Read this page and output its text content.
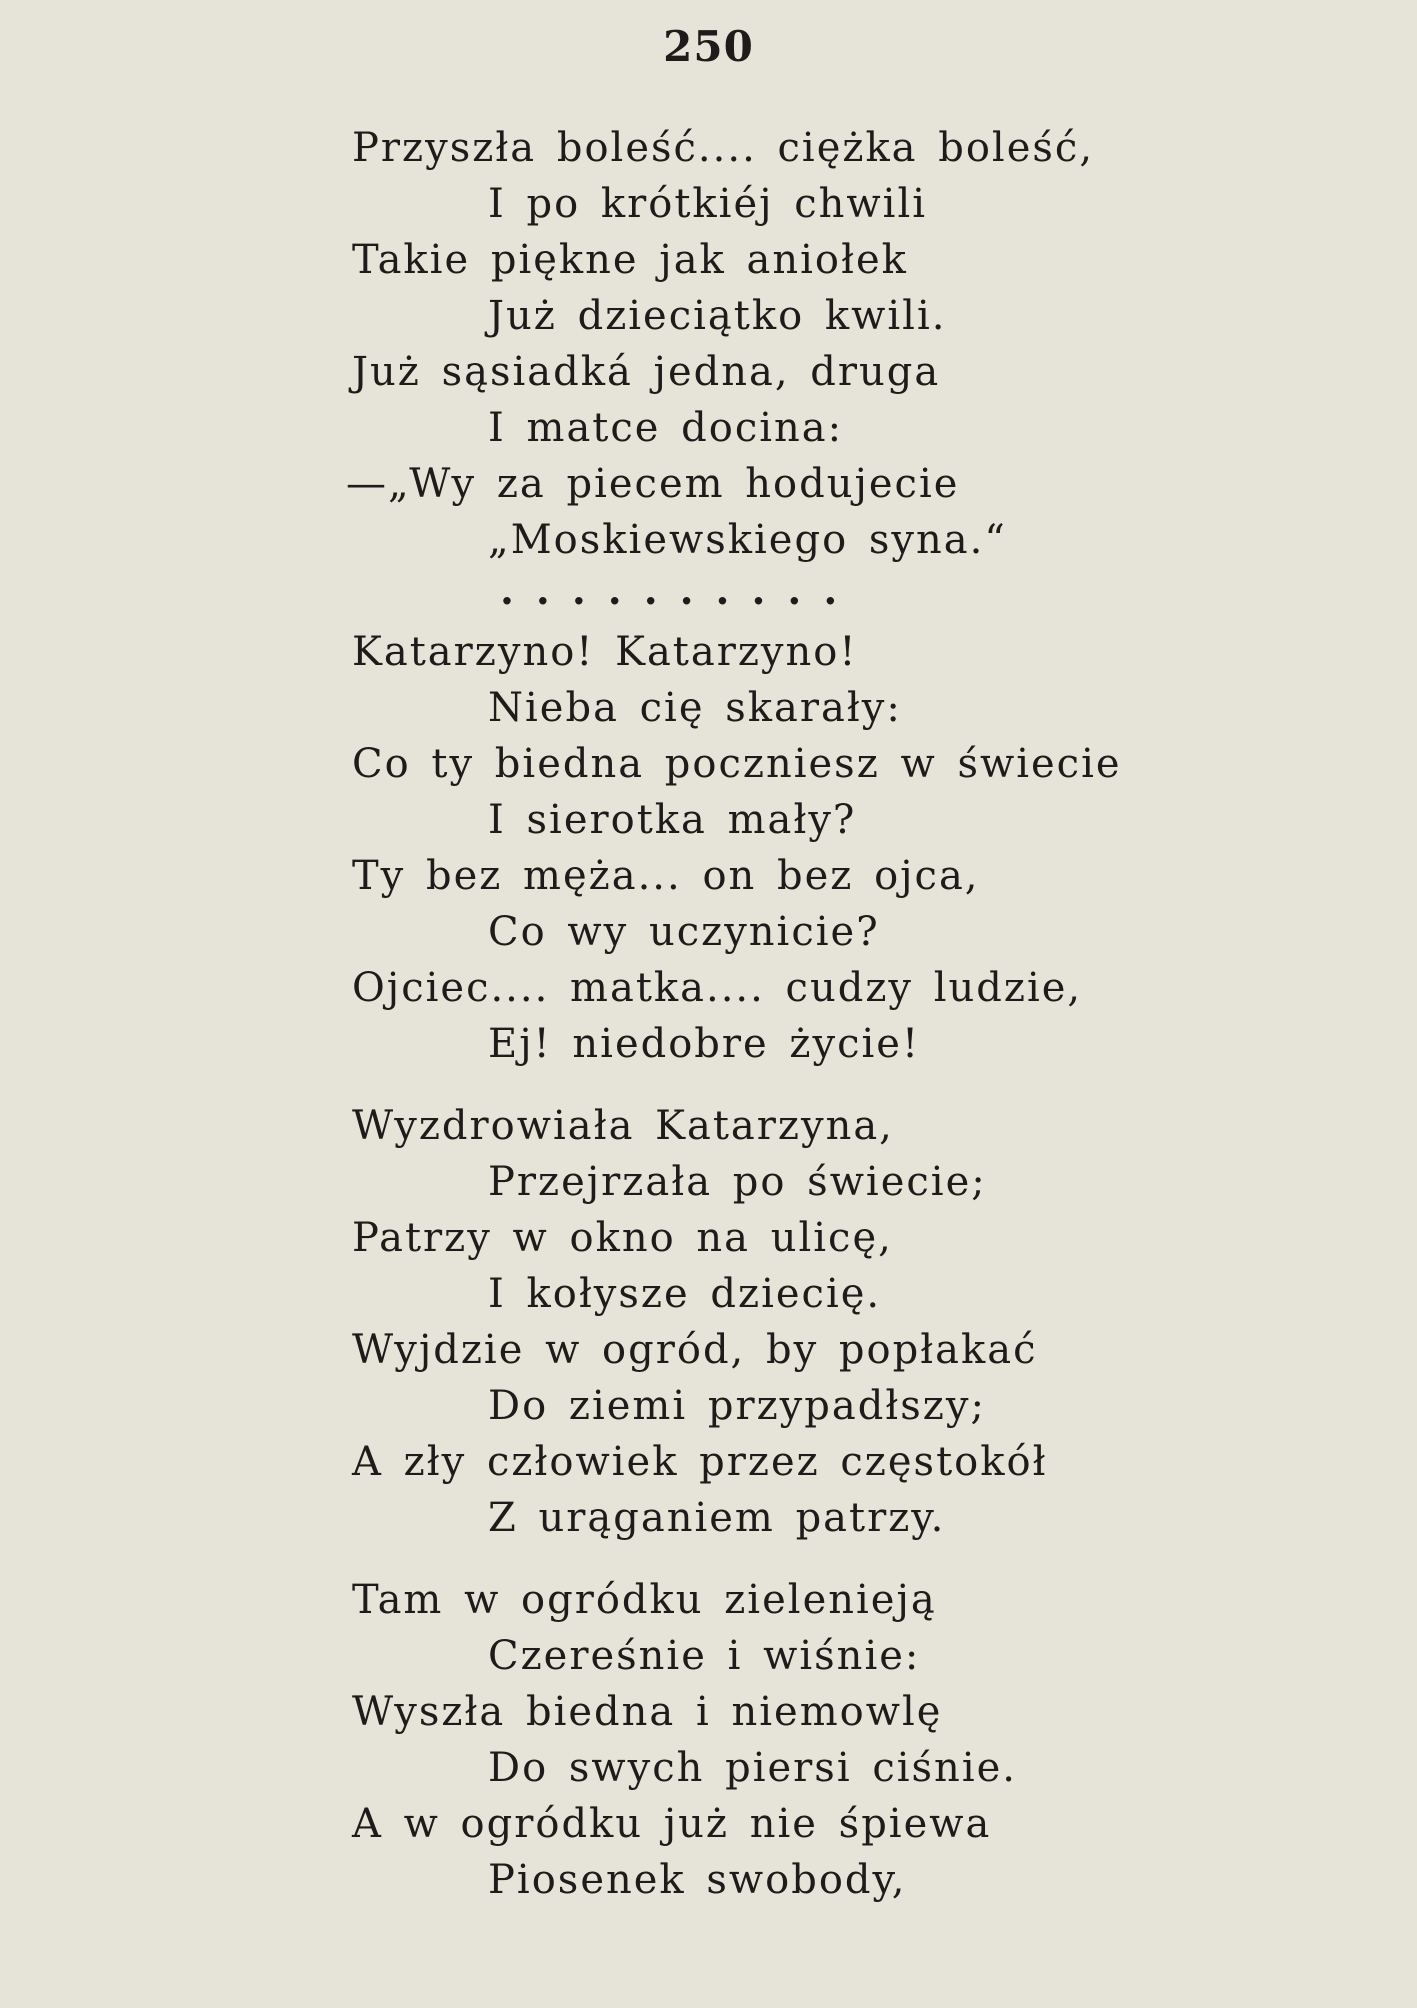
250
Przyszła boleść.... ciężka boleść,
I po krótkiéj chwili
Takie piękne jak aniołek
Już dzieciątko kwili.
Już sąsiadká jedna, druga
I matce docina:
—„Wy za piecem hodujecie
„Moskiewskiego syna.“
..........
Katarzyno! Katarzyno!
Nieba cię skarały:
Co ty biedna poczniesz w świecie
I sierotka mały?
Ty bez męża... on bez ojca,
Co wy uczynicie?
Ojciec.... matka.... cudzy ludzie,
Ej! niedobre życie!
Wyzdrowiała Katarzyna,
Przejrzała po świecie;
Patrzy w okno na ulicę,
I kołysze dziecię.
Wyjdzie w ogród, by popłakać
Do ziemi przypadłszy;
A zły człowiek przez częstokół
Z urąganiem patrzy.
Tam w ogródku zielenieją
Czereśnie i wiśnie:
Wyszła biedna i niemowlę
Do swych piersi ciśnie.
A w ogródku już nie śpiewa
Piosenek swobody,
